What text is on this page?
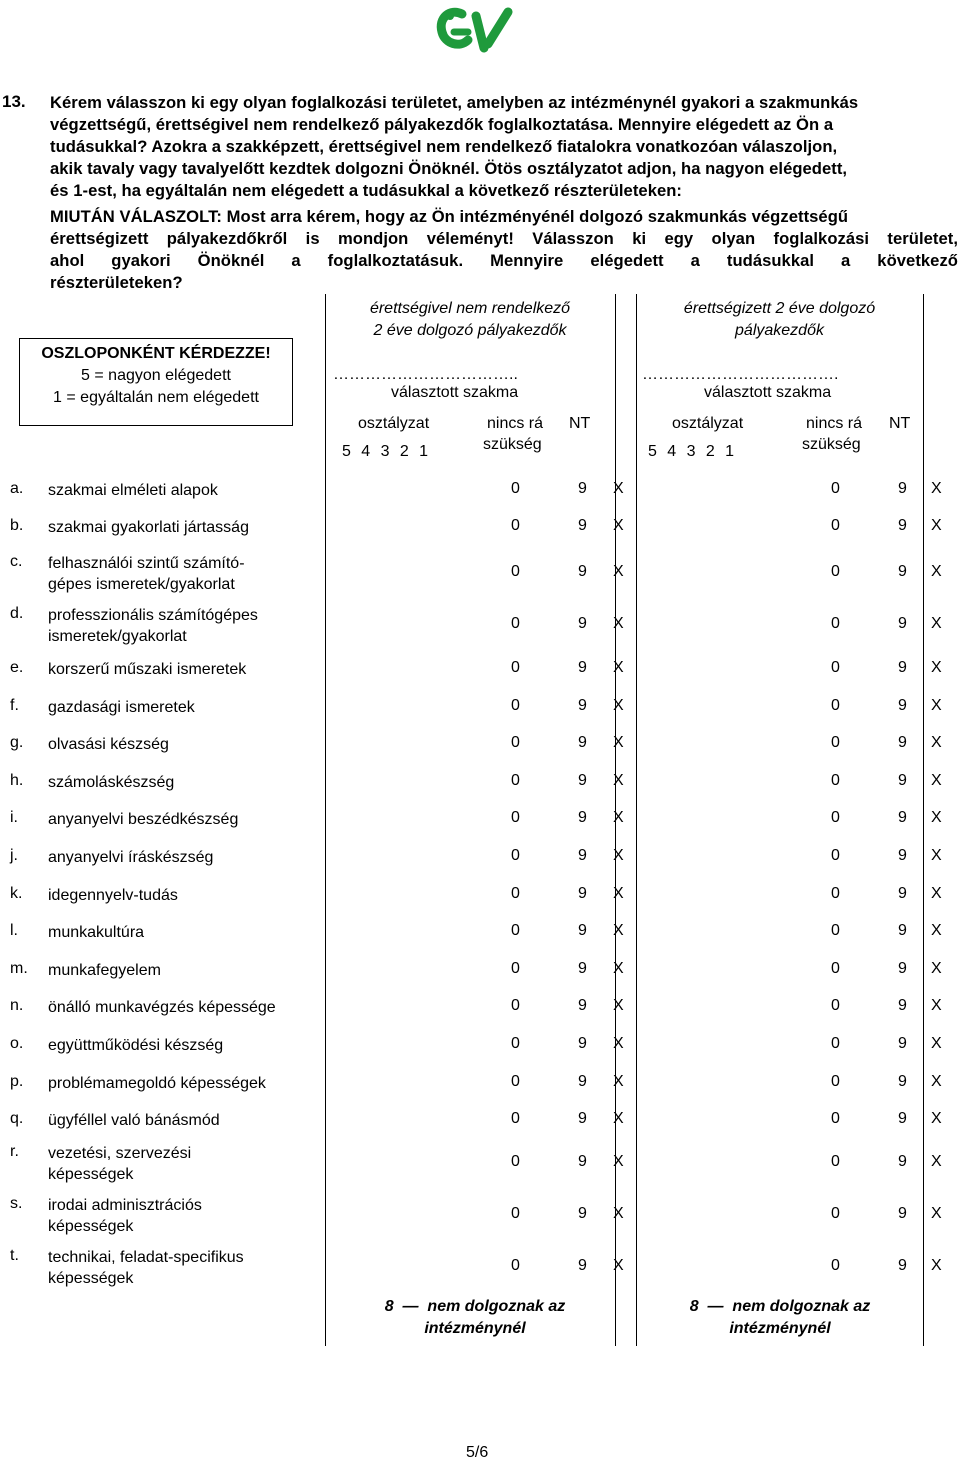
13. Kérem válasszon ki egy olyan foglalkozási területet, amelyben az intézménynél gyakori a szakmunkás
végzettségű, érettségivel nem rendelkező pályakezdők foglalkoztatása. Mennyire elégedett az Ön a
tudásukkal? Azokra a szakképzett, érettségivel nem rendelkező fiatalokra vonatkozóan válaszoljon,
akik tavaly vagy tavalyelőtt kezdtek dolgozni Önöknél. Ötös osztályzatot adjon, ha nagyon elégedett,
és 1-est, ha egyáltalán nem elégedett a tudásukkal a következő részterületeken:
MIUTÁN VÁLASZOLT: Most arra kérem, hogy az Ön intézményénél dolgozó szakmunkás végzettségű
érettségizett pályakezdőkről is mondjon véleményt! Válasszon ki egy olyan foglalkozási területet,
ahol gyakori Önöknél a foglalkoztatásuk. Mennyire elégedett a tudásukkal a következő
részterületeken?
OSZLOPONKÉNT KÉRDEZZE!
5 = nagyon elégedett
1 = egyáltalán nem elégedett
érettségivel nem rendelkező
2 éve dolgozó pályakezdők
……………………………..
választott szakma
osztályzat
5  4  3  2  1
nincs rá
szükség
NT
8  —  nem dolgoznak az
intézménynél
érettségizett 2 éve dolgozó
pályakezdők
……………………………….
választott szakma
osztályzat
5  4  3  2  1
nincs rá
szükség
NT
8  —  nem dolgoznak az
intézménynél
a. szakmai elméleti alapok	0	9 X	0	9 X
b. szakmai gyakorlati jártasság	0	9 X	0	9 X
c. felhasználói szintű számító-
gépes ismeretek/gyakorlat
0	9 X	0	9 X
d. professzionális számítógépes
ismeretek/gyakorlat
0	9 X	0	9 X
e. korszerű műszaki ismeretek	0	9 X	0	9 X
f. gazdasági ismeretek	0	9 X	0	9 X
g. olvasási készség	0	9 X	0	9 X
h. számoláskészség	0	9 X	0	9 X
i. anyanyelvi beszédkészség	0	9 X	0	9 X
j. anyanyelvi íráskészség	0	9 X	0	9 X
k. idegennyelv-tudás	0	9 X	0	9 X
l. munkakultúra	0	9 X	0	9 X
m. munkafegyelem	0	9 X	0	9 X
n. önálló munkavégzés képessége	0	9 X	0	9 X
o. együttműködési készség	0	9 X	0	9 X
p. problémamegoldó képességek	0	9 X	0	9 X
q. ügyféllel való bánásmód	0	9 X	0	9 X
r. vezetési, szervezési
képességek
0	9 X	0	9 X
s. irodai adminisztrációs
képességek
0	9 X	0	9 X
t. technikai, feladat-specifikus
képességek
0	9 X	0	9 X
5/6
